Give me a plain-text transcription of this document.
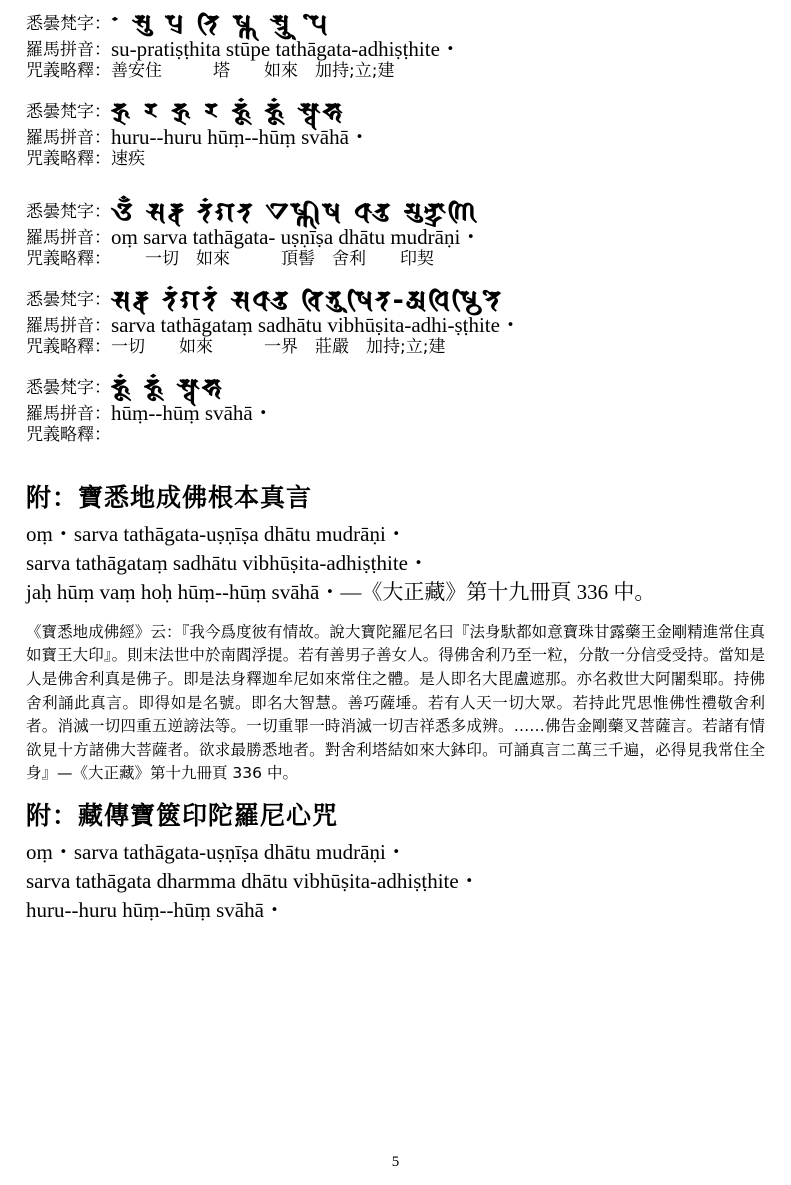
悉曇梵字： 𑗄 𑖭𑖲 𑖢𑖿𑖨 𑖝𑖰 𑖬𑖿𑖜 𑖭𑖿𑖝𑖳 𑖢𑖸
羅馬拼音： su-pratiṣṭhita stūpe tathāgata-adhiṣṭhite・
咒義略釋： 善安住　　　塔　　如來　加持;立;建
悉曇梵字： 𑖮𑗜 𑖨𑗜 𑖮𑗜 𑖨𑗜 𑖮𑗝𑖽 𑖮𑗝𑖽 𑖭𑖿𑖪𑖯𑖮𑖯
羅馬拼音： huru--huru hūṃ--hūṃ svāhā・
咒義略釋： 速疾
悉曇梵字： 𑖌𑖼 𑖭𑖨𑖿𑖪 𑖝𑖽𑖐𑖝 𑖊𑖬𑖿𑖜𑖱𑖬 𑖠𑖯𑖝𑖲 𑖦𑖲𑖡𑖿𑖟𑖿𑖨𑖯𑖜𑖰
羅馬拼音： oṃ sarva tathāgata- uṣṇīṣa dhātu mudrāṇi・
咒義略釋： 　　一切　如來　　　頂髻　舍利　　印契
悉曇梵字： 𑖭𑖨𑖿𑖪 𑖝𑖽𑖐𑖝𑖽 𑖭𑖠𑖯𑖝𑖲 𑖪𑖰𑖥𑖳𑖬𑖰𑖝-𑖀𑖠𑖰𑖬𑖿𑖙𑖰𑖝𑖸
羅馬拼音： sarva tathāgataṃ sadhātu vibhūṣita-adhi-ṣṭhite・
咒義略釋： 一切　　如來　　　一界　莊嚴　加持;立;建
悉曇梵字： 𑖮𑗝𑖽 𑖮𑗝𑖽 𑖭𑖿𑖪𑖯𑖮𑖯
羅馬拼音： hūṃ--hūṃ svāhā・
咒義略釋：
附：寶悉地成佛根本真言
oṃ・sarva tathāgata-uṣṇīṣa dhātu mudrāṇi・
sarva tathāgataṃ sadhātu vibhūṣita-adhiṣṭhite・
jaḥ hūṃ vaṃ hoḥ hūṃ--hūṃ svāhā・—《大正藏》第十九冊頁 336 中。
《寶悉地成佛經》云：『我今爲度彼有情故。說大寶陀羅尼名曰『法身馱都如意寶珠甘露藥王金剛精進常住真如寶王大印』。則末法世中於南閻浮提。若有善男子善女人。得佛舍利乃至一粒，分散一分信受受持。當知是人是佛舍利真是佛子。即是法身釋迦牟尼如來常住之體。是人即名大毘盧遮那。亦名救世大阿闍梨耶。持佛舍利誦此真言。即得如是名號。即名大智慧。善巧薩埵。若有人天一切大眾。若持此咒思惟佛性禮敬舍利者。消滅一切四重五逆謗法等。一切重罪一時消滅一切吉祥悉多成辨。……佛告金剛藥叉菩薩言。若諸有情欲見十方諸佛大菩薩者。欲求最勝悉地者。對舍利塔結如來大鉢印。可誦真言二萬三千遍，必得見我常住全身』—《大正藏》第十九冊頁 336 中。
附：藏傳寶篋印陀羅尼心咒
oṃ・sarva tathāgata-uṣṇīṣa dhātu mudrāṇi・
sarva tathāgata dharmma dhātu vibhūṣita-adhiṣṭhite・
huru--huru hūṃ--hūṃ svāhā・
5
